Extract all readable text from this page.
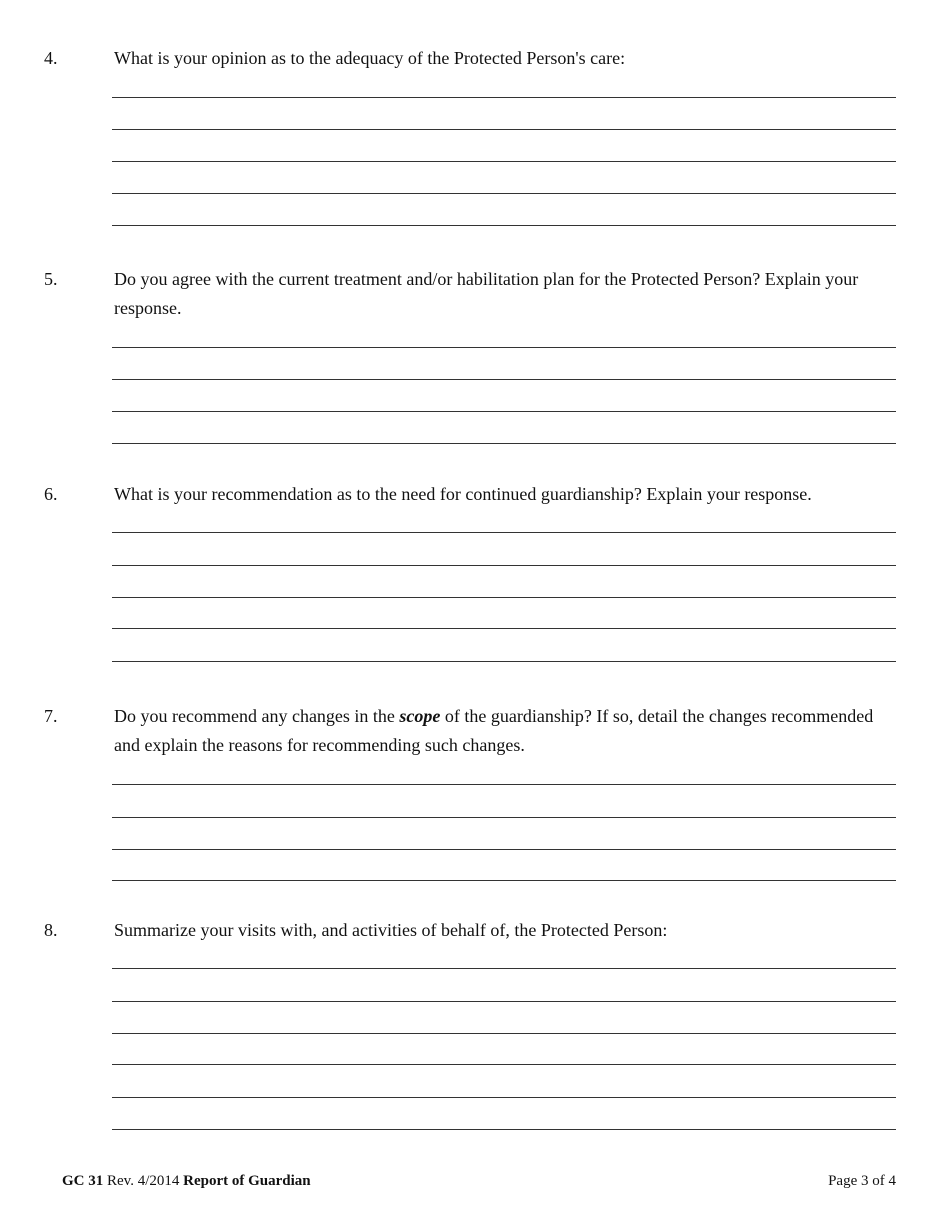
4.	What is your opinion as to the adequacy of the Protected Person's care:
5.	Do you agree with the current treatment and/or habilitation plan for the Protected Person? Explain your response.
6.	What is your recommendation as to the need for continued guardianship? Explain your response.
7.	Do you recommend any changes in the scope of the guardianship? If so, detail the changes recommended and explain the reasons for recommending such changes.
8.	Summarize your visits with, and activities of behalf of, the Protected Person:
GC 31 Rev. 4/2014 Report of Guardian	Page 3 of 4
